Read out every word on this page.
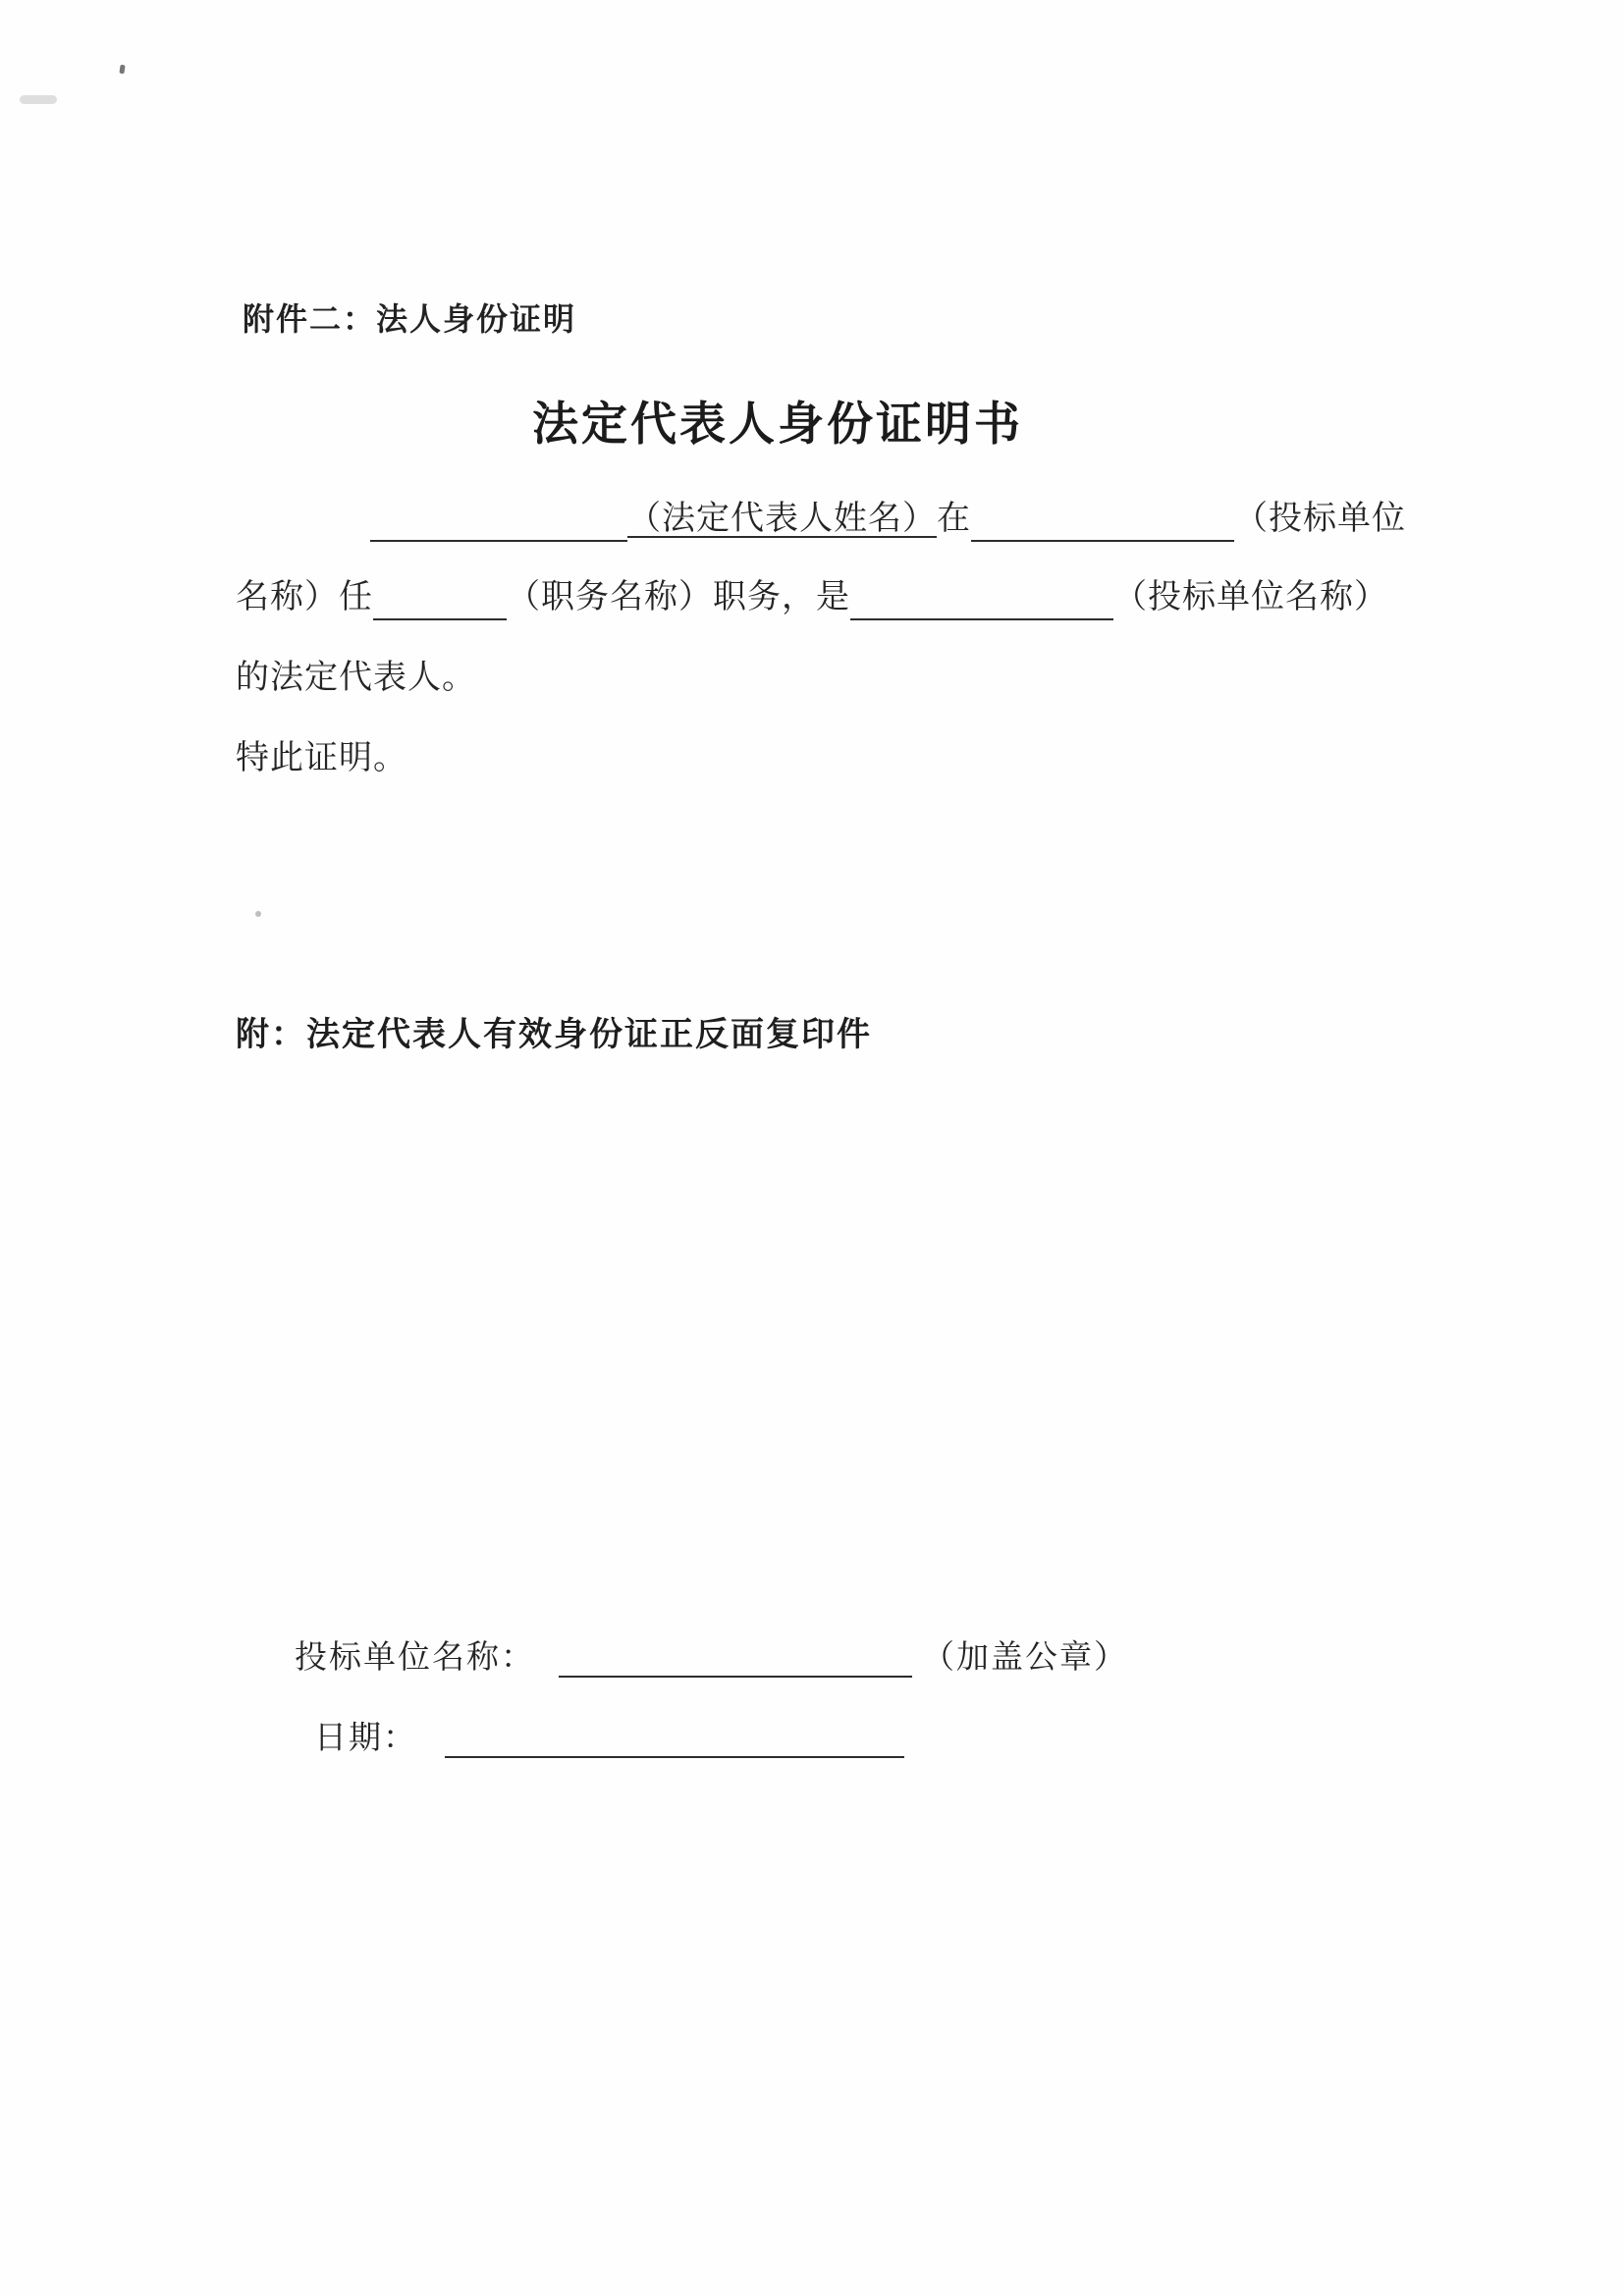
附件二：法人身份证明
法定代表人身份证明书
（法定代表人姓名）在	（投标单位
名称）任	（职务名称）职务，是	（投标单位名称）
的法定代表人。
特此证明。
附：法定代表人有效身份证正反面复印件
投标单位名称：	（加盖公章）
日期：
